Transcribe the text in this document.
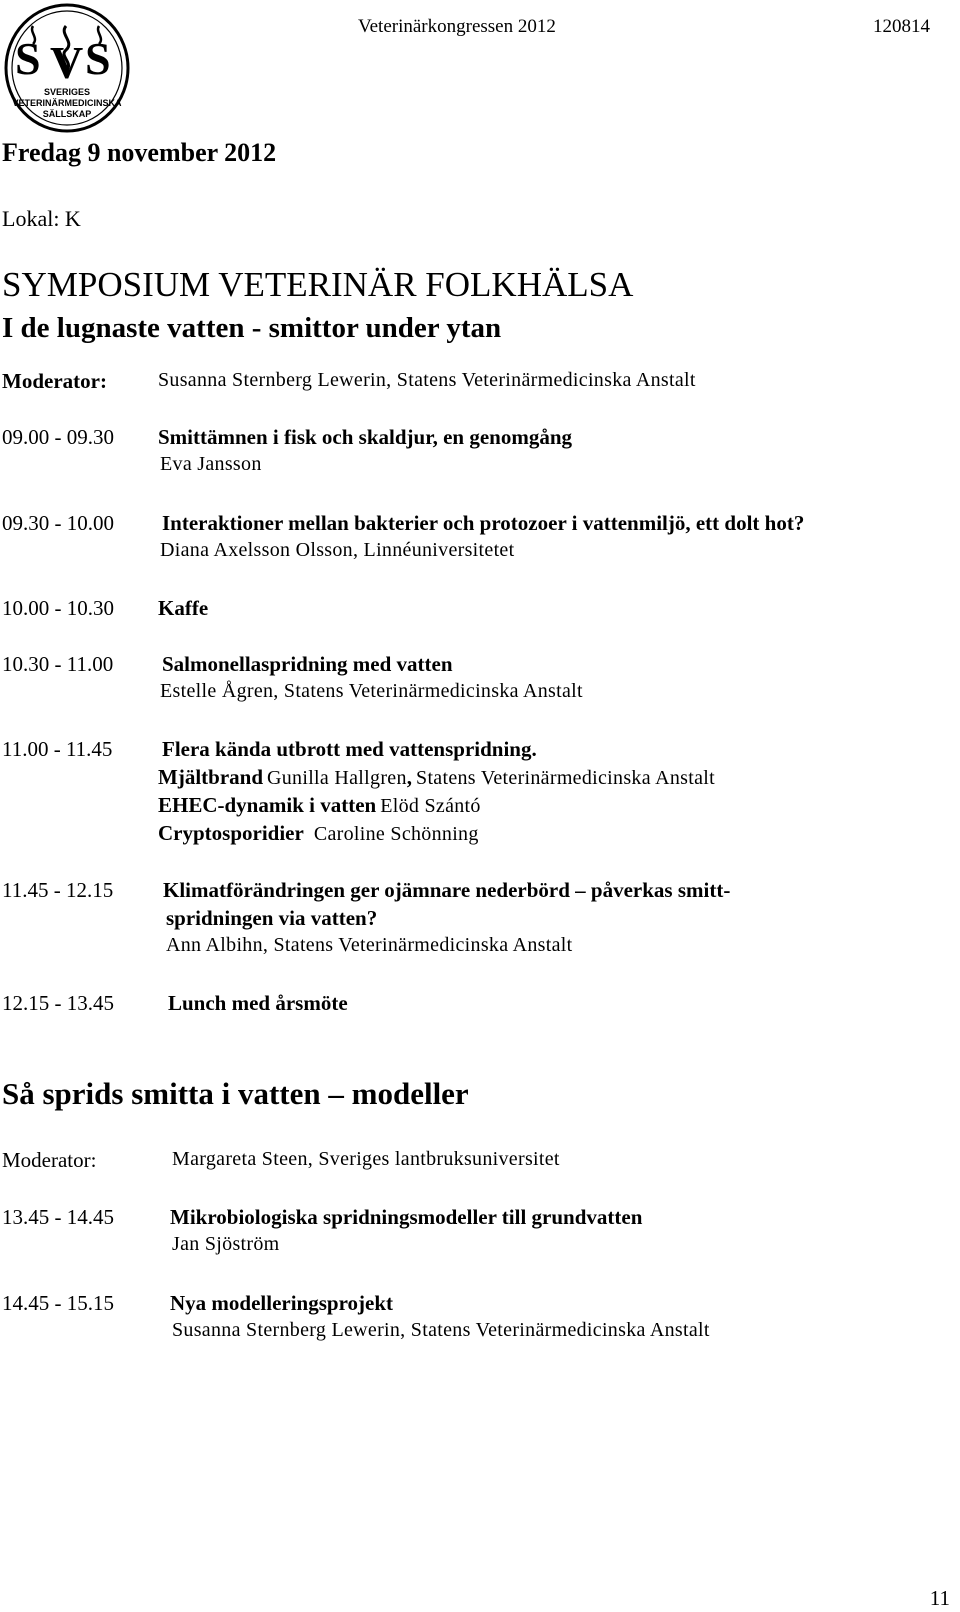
S V S
SVERIGES
VETERINÄRMEDICINSKA
SÄLLSKAP
Veterinärkongressen 2012	120814
Fredag 9 november 2012
Lokal: K
SYMPOSIUM VETERINÄR FOLKHÄLSA
I de lugnaste vatten - smittor under ytan
Moderator:	Susanna Sternberg Lewerin, Statens Veterinärmedicinska Anstalt
09.00 - 09.30 Smittämnen i fisk och skaldjur, en genomgång
Eva Jansson
09.30 - 10.00 Interaktioner mellan bakterier och protozoer i vattenmiljö, ett dolt hot?
Diana Axelsson Olsson, Linnéuniversitetet
10.00 - 10.30 Kaffe
10.30 - 11.00 Salmonellaspridning med vatten
Estelle Ågren, Statens Veterinärmedicinska Anstalt
11.00 - 11.45 Flera kända utbrott med vattenspridning.
Mjältbrand Gunilla Hallgren, Statens Veterinärmedicinska Anstalt
EHEC-dynamik i vatten Elöd Szántó
Cryptosporidier Caroline Schönning
11.45 - 12.15 Klimatförändringen ger ojämnare nederbörd – påverkas smitt-
spridningen via vatten?
Ann Albihn, Statens Veterinärmedicinska Anstalt
12.15 - 13.45	Lunch med årsmöte
Så sprids smitta i vatten – modeller
Moderator:	Margareta Steen, Sveriges lantbruksuniversitet
13.45 - 14.45	Mikrobiologiska spridningsmodeller till grundvatten
Jan Sjöström
14.45 - 15.15	Nya modelleringsprojekt
Susanna Sternberg Lewerin, Statens Veterinärmedicinska Anstalt
11
